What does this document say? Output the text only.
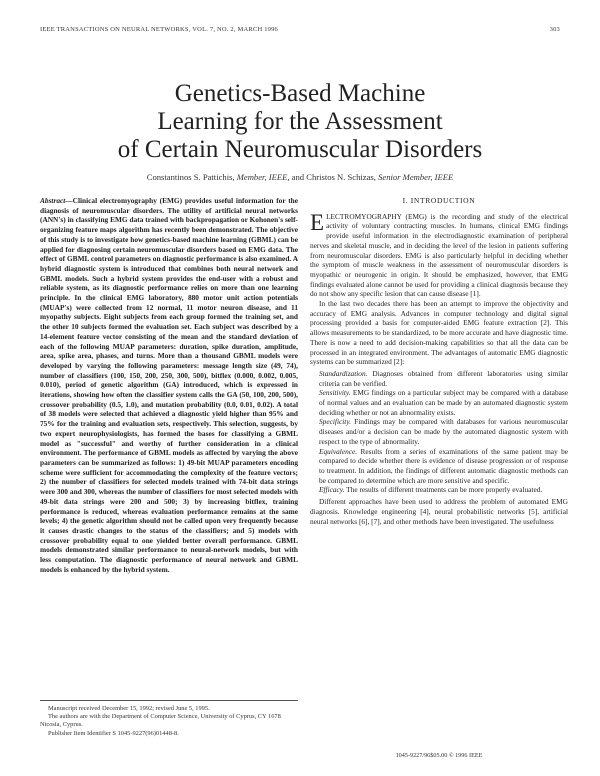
IEEE TRANSACTIONS ON NEURAL NETWORKS, VOL. 7, NO. 2, MARCH 1996	303
Genetics-Based Machine
Learning for the Assessment
of Certain Neuromuscular Disorders
Constantinos S. Pattichis, Member, IEEE, and Christos N. Schizas, Senior Member, IEEE
Abstract—Clinical electromyography (EMG) provides useful information for the diagnosis of neuromuscular disorders. The utility of artificial neural networks (ANN's) in classifying EMG data trained with backpropagation or Kohonen's self-organizing feature maps algorithm has recently been demonstrated. The objective of this study is to investigate how genetics-based machine learning (GBML) can be applied for diagnosing certain neuromuscular disorders based on EMG data. The effect of GBML control parameters on diagnostic performance is also examined. A hybrid diagnostic system is introduced that combines both neural network and GBML models. Such a hybrid system provides the end-user with a robust and reliable system, as its diagnostic performance relies on more than one learning principle. In the clinical EMG laboratory, 880 motor unit action potentials (MUAP's) were collected from 12 normal, 11 motor neuron disease, and 11 myopathy subjects. Eight subjects from each group formed the training set, and the other 10 subjects formed the evaluation set. Each subject was described by a 14-element feature vector consisting of the mean and the standard deviation of each of the following MUAP parameters: duration, spike duration, amplitude, area, spike area, phases, and turns. More than a thousand GBML models were developed by varying the following parameters: message length size (49, 74), number of classifiers (100, 150, 200, 250, 300, 500), bitflex (0.000, 0.002, 0.005, 0.010), period of genetic algorithm (GA) introduced, which is expressed in iterations, showing how often the classifier system calls the GA (50, 100, 200, 500), crossover probability (0.5, 1.0), and mutation probability (0.0, 0.01, 0.02). A total of 38 models were selected that achieved a diagnostic yield higher than 95% and 75% for the training and evaluation sets, respectively. This selection, suggests, by two expert neurophysiologists, has formed the bases for classifying a GBML model as "successful" and worthy of further consideration in a clinical environment. The performance of GBML models as affected by varying the above parameters can be summarized as follows: 1) 49-bit MUAP parameters encoding scheme were sufficient for accommodating the complexity of the feature vectors; 2) the number of classifiers for selected models trained with 74-bit data strings were 300 and 300, whereas the number of classifiers for most selected models with 49-bit data strings were 200 and 500; 3) by increasing bitflex, training performance is reduced, whereas evaluation performance remains at the same levels; 4) the genetic algorithm should not be called upon very frequently because it causes drastic changes to the status of the classifiers; and 5) models with crossover probability equal to one yielded better overall performance. GBML models demonstrated similar performance to neural-network models, but with less computation. The diagnostic performance of neural network and GBML models is enhanced by the hybrid system.

Manuscript received December 15, 1992; revised June 5, 1995.

The authors are with the Department of Computer Science, University of Cyprus, CY 1678 Nicosia, Cyprus.

Publisher Item Identifier S 1045-9227(96)01448-8.

I. INTRODUCTION
ELECTROMYOGRAPHY (EMG) is the recording and study of the electrical activity of voluntary contracting muscles. In humans, clinical EMG findings provide useful information in the electrodiagnostic examination of peripheral nerves and skeletal muscle, and in deciding the level of the lesion in patients suffering from neuromuscular disorders. EMG is also particularly helpful in deciding whether the symptom of muscle weakness in the assessment of neuromuscular disorders is myopathic or neurogenic in origin. It should be emphasized, however, that EMG findings evaluated alone cannot be used for providing a clinical diagnosis because they do not show any specific lesion that can cause disease [1].

In the last two decades there has been an attempt to improve the objectivity and accuracy of EMG analysis. Advances in computer technology and digital signal processing provided a basis for computer-aided EMG feature extraction [2]. This allows measurements to be standardized, to be more accurate and have diagnostic time. There is now a need to add decision-making capabilities so that all the data can be processed in an integrated environment. The advantages of automatic EMG diagnostic systems can be summarized [2]:

Standardization. Diagnoses obtained from different laboratories using similar criteria can be verified.
Sensitivity. EMG findings on a particular subject may be compared with a database of normal values and an evaluation can be made by an automated diagnostic system deciding whether or not an abnormality exists.
Specificity. Findings may be compared with databases for various neuromuscular diseases and/or a decision can be made by the automated diagnostic system with respect to the type of abnormality.
Equivalence. Results from a series of examinations of the same patient may be compared to decide whether there is evidence of disease progression or of response to treatment. In addition, the findings of different automatic diagnostic methods can be compared to determine which are more sensitive and specific.
Efficacy. The results of different treatments can be more properly evaluated.

Different approaches have been used to address the problem of automated EMG diagnosis. Knowledge engineering [4], neural probabilistic networks [5], artificial neural networks [6], [7], and other methods have been investigated. The usefulness

1045-9227/96$05.00 © 1996 IEEE
